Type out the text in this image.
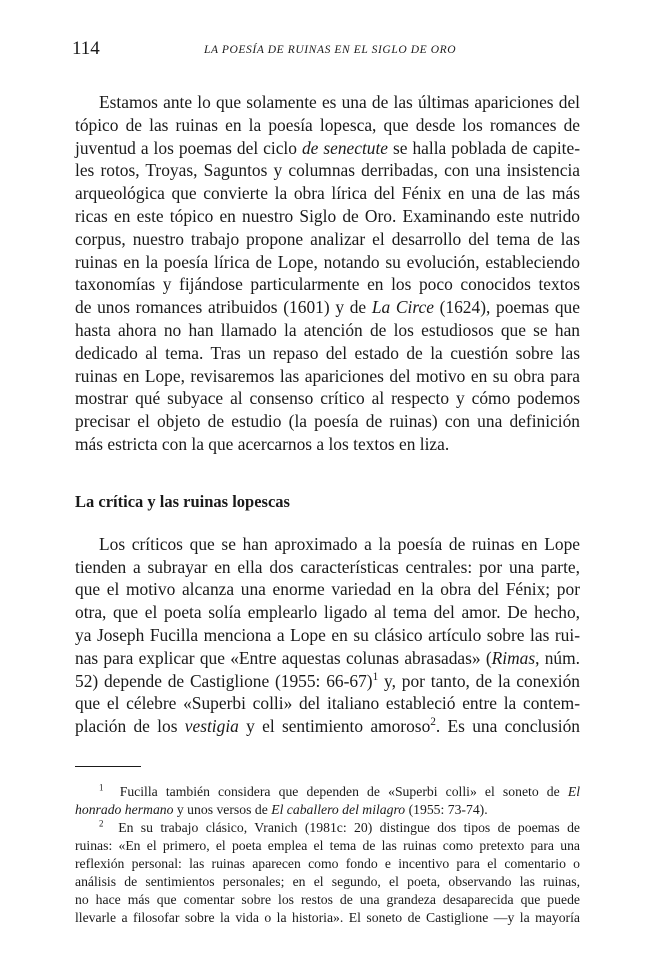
114	LA POESÍA DE RUINAS EN EL SIGLO DE ORO
Estamos ante lo que solamente es una de las últimas apariciones del
tópico de las ruinas en la poesía lopesca, que desde los romances de
juventud a los poemas del ciclo de senectute se halla poblada de capite-
les rotos, Troyas, Saguntos y columnas derribadas, con una insistencia
arqueológica que convierte la obra lírica del Fénix en una de las más
ricas en este tópico en nuestro Siglo de Oro. Examinando este nutrido
corpus, nuestro trabajo propone analizar el desarrollo del tema de las
ruinas en la poesía lírica de Lope, notando su evolución, estableciendo
taxonomías y fijándose particularmente en los poco conocidos textos
de unos romances atribuidos (1601) y de La Circe (1624), poemas que
hasta ahora no han llamado la atención de los estudiosos que se han
dedicado al tema. Tras un repaso del estado de la cuestión sobre las
ruinas en Lope, revisaremos las apariciones del motivo en su obra para
mostrar qué subyace al consenso crítico al respecto y cómo podemos
precisar el objeto de estudio (la poesía de ruinas) con una definición
más estricta con la que acercarnos a los textos en liza.
La crítica y las ruinas lopescas
Los críticos que se han aproximado a la poesía de ruinas en Lope
tienden a subrayar en ella dos características centrales: por una parte,
que el motivo alcanza una enorme variedad en la obra del Fénix; por
otra, que el poeta solía emplearlo ligado al tema del amor. De hecho,
ya Joseph Fucilla menciona a Lope en su clásico artículo sobre las rui-
nas para explicar que «Entre aquestas colunas abrasadas» (Rimas, núm.
52) depende de Castiglione (1955: 66-67)$^1$ y, por tanto, de la conexión
que el célebre «Superbi colli» del italiano estableció entre la contem-
plación de los vestigia y el sentimiento amoroso$^2$. Es una conclusión
$^1$ Fucilla también considera que dependen de «Superbi colli» el soneto de El
honrado hermano y unos versos de El caballero del milagro (1955: 73-74).
$^2$ En su trabajo clásico, Vranich (1981c: 20) distingue dos tipos de poemas de
ruinas: «En el primero, el poeta emplea el tema de las ruinas como pretexto para una
reflexión personal: las ruinas aparecen como fondo e incentivo para el comentario o
análisis de sentimientos personales; en el segundo, el poeta, observando las ruinas,
no hace más que comentar sobre los restos de una grandeza desaparecida que puede
llevarle a filosofar sobre la vida o la historia». El soneto de Castiglione —y la mayoría
